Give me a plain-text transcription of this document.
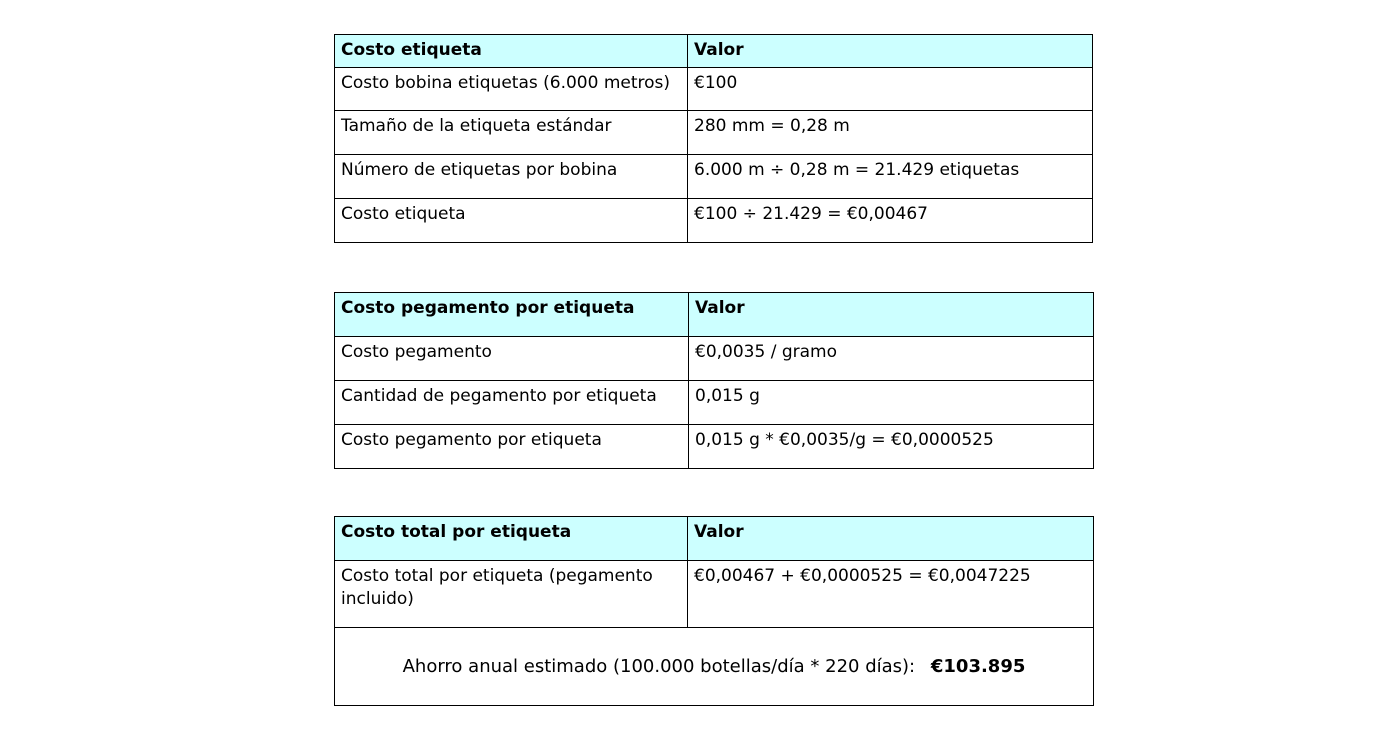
Costo etiqueta	Valor

Costo bobina etiquetas (6.000 metros)	€100

Tamaño de la etiqueta estándar	280 mm = 0,28 m

Número de etiquetas por bobina	6.000 m ÷ 0,28 m = 21.429 etiquetas

Costo etiqueta	€100 ÷ 21.429 = €0,00467
Costo pegamento por etiqueta	Valor

Costo pegamento	€0,0035 / gramo

Cantidad de pegamento por etiqueta	0,015 g

Costo pegamento por etiqueta	0,015 g * €0,0035/g = €0,0000525
Costo total por etiqueta	Valor

Costo total por etiqueta (pegamento incluido)	€0,00467 + €0,0000525 = €0,0047225

Ahorro anual estimado (100.000 botellas/día * 220 días): €103.895	
